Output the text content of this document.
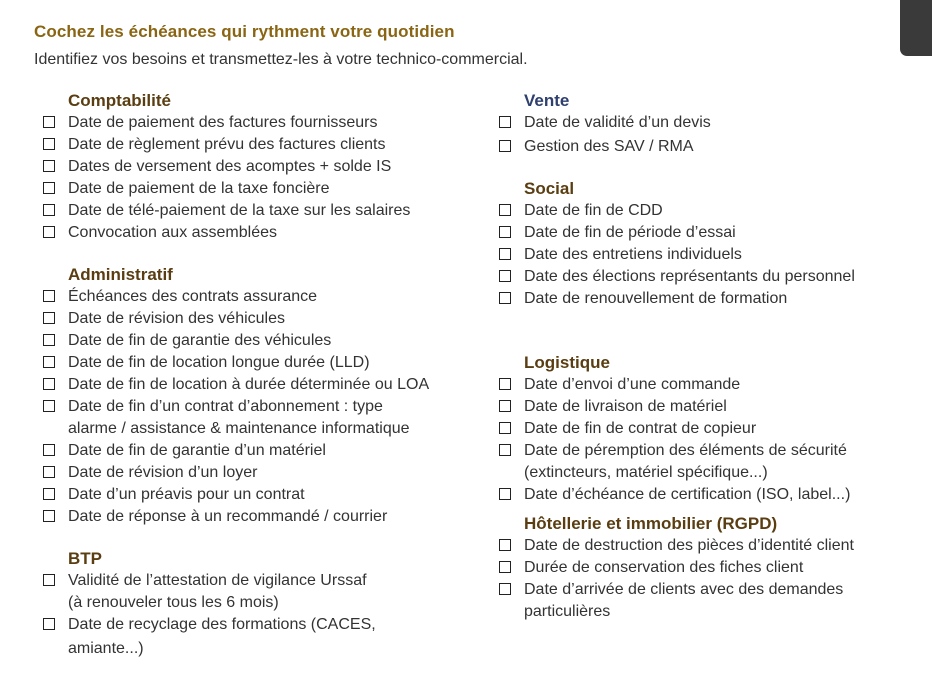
Cochez les échéances qui rythment votre quotidien
Identifiez vos besoins et transmettez-les à votre technico-commercial.
Comptabilité
Date de paiement des factures fournisseurs
Date de règlement prévu des factures clients
Dates de versement des acomptes + solde IS
Date de paiement de la taxe foncière
Date de télé-paiement de la taxe sur les salaires
Convocation aux assemblées
Administratif
Échéances des contrats assurance
Date de révision des véhicules
Date de fin de garantie des véhicules
Date de fin de location longue durée (LLD)
Date de fin de location à durée déterminée ou LOA
Date de fin d’un contrat d’abonnement : type
alarme / assistance & maintenance informatique
Date de fin de garantie d’un matériel
Date de révision d’un loyer
Date d’un préavis pour un contrat
Date de réponse à un recommandé / courrier
BTP
Validité de l’attestation de vigilance Urssaf
(à renouveler tous les 6 mois)
Date de recyclage des formations (CACES,
amiante...)
Vente
Date de validité d’un devis
Gestion des SAV / RMA
Social
Date de fin de CDD
Date de fin de période d’essai
Date des entretiens individuels
Date des élections représentants du personnel
Date de renouvellement de formation
Logistique
Date d’envoi d’une commande
Date de livraison de matériel
Date de fin de contrat de copieur
Date de péremption des éléments de sécurité
(extincteurs, matériel spécifique...)
Date d’échéance de certification (ISO, label...)
Hôtellerie et immobilier (RGPD)
Date de destruction des pièces d’identité client
Durée de conservation des fiches client
Date d’arrivée de clients avec des demandes
particulières
